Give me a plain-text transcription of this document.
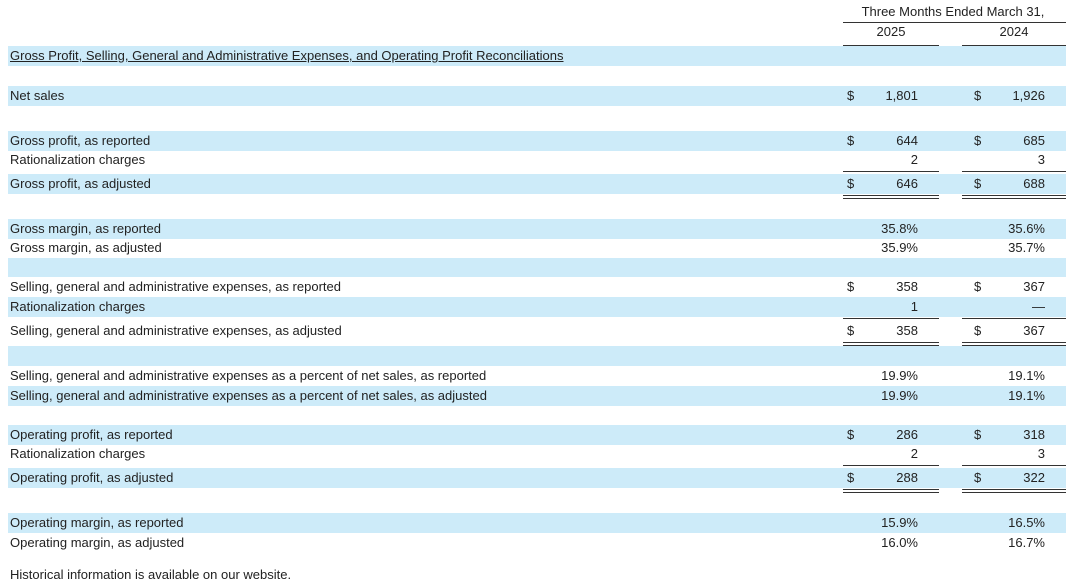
Three Months Ended March 31,
2025	2024
Gross Profit, Selling, General and Administrative Expenses, and Operating Profit Reconciliations
Net sales	$	1,801	$	1,926
Gross profit, as reported	$	644	$	685
Rationalization charges	2	3
Gross profit, as adjusted	$	646	$	688
Gross margin, as reported	35.8%	35.6%
Gross margin, as adjusted	35.9%	35.7%
Selling, general and administrative expenses, as reported	$	358	$	367
Rationalization charges	1	—
Selling, general and administrative expenses, as adjusted	$	358	$	367
Selling, general and administrative expenses as a percent of net sales, as reported	19.9%	19.1%
Selling, general and administrative expenses as a percent of net sales, as adjusted	19.9%	19.1%
Operating profit, as reported	$	286	$	318
Rationalization charges	2	3
Operating profit, as adjusted	$	288	$	322
Operating margin, as reported	15.9%	16.5%
Operating margin, as adjusted	16.0%	16.7%
Historical information is available on our website.
